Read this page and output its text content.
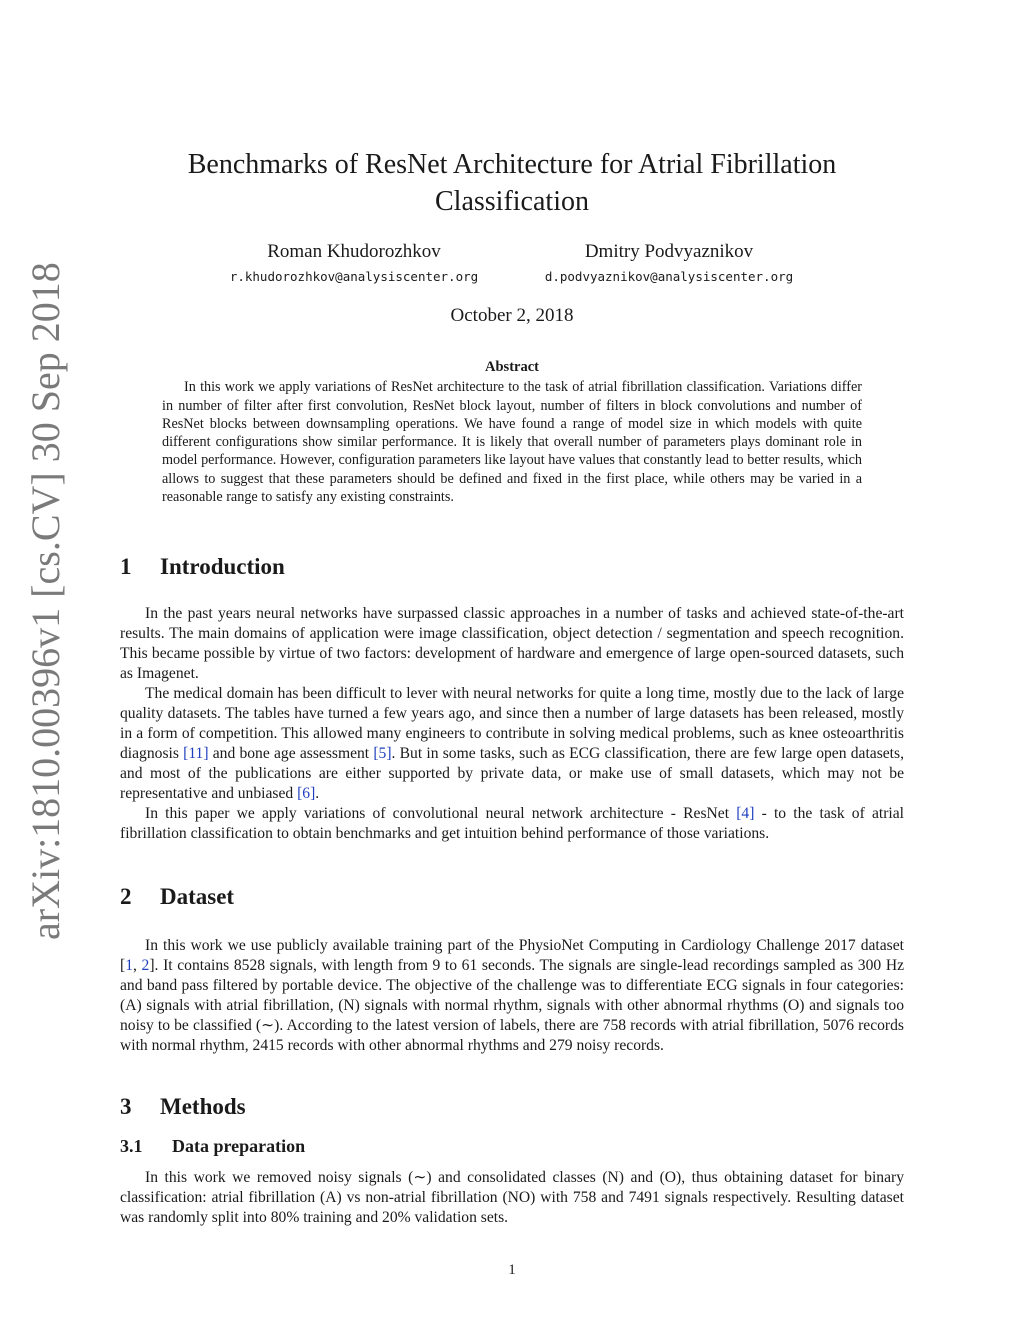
arXiv:1810.00396v1 [cs.CV] 30 Sep 2018
Benchmarks of ResNet Architecture for Atrial Fibrillation
Classification
Roman Khudorozhkov
r.khudorozhkov@analysiscenter.org
Dmitry Podvyaznikov
d.podvyaznikov@analysiscenter.org
October 2, 2018
Abstract

In this work we apply variations of ResNet architecture to the task of atrial fibrillation classification. Variations differ in number of filter after first convolution, ResNet block layout, number of filters in block convolutions and number of ResNet blocks between downsampling operations. We have found a range of model size in which models with quite different configurations show similar performance. It is likely that overall number of parameters plays dominant role in model performance. However, configuration parameters like layout have values that constantly lead to better results, which allows to suggest that these parameters should be defined and fixed in the first place, while others may be varied in a reasonable range to satisfy any existing constraints.

1 Introduction

In the past years neural networks have surpassed classic approaches in a number of tasks and achieved state-of-the-art results. The main domains of application were image classification, object detection / segmentation and speech recognition. This became possible by virtue of two factors: development of hardware and emergence of large open-sourced datasets, such as Imagenet.

The medical domain has been difficult to lever with neural networks for quite a long time, mostly due to the lack of large quality datasets. The tables have turned a few years ago, and since then a number of large datasets has been released, mostly in a form of competition. This allowed many engineers to contribute in solving medical problems, such as knee osteoarthritis diagnosis [11] and bone age assessment [5]. But in some tasks, such as ECG classification, there are few large open datasets, and most of the publications are either supported by private data, or make use of small datasets, which may not be representative and unbiased [6].

In this paper we apply variations of convolutional neural network architecture - ResNet [4] - to the task of atrial fibrillation classification to obtain benchmarks and get intuition behind performance of those variations.

2 Dataset

In this work we use publicly available training part of the PhysioNet Computing in Cardiology Challenge 2017 dataset [1, 2]. It contains 8528 signals, with length from 9 to 61 seconds. The signals are single-lead recordings sampled as 300 Hz and band pass filtered by portable device. The objective of the challenge was to differentiate ECG signals in four categories: (A) signals with atrial fibrillation, (N) signals with normal rhythm, signals with other abnormal rhythms (O) and signals too noisy to be classified (∼). According to the latest version of labels, there are 758 records with atrial fibrillation, 5076 records with normal rhythm, 2415 records with other abnormal rhythms and 279 noisy records.

3 Methods
3.1 Data preparation

In this work we removed noisy signals (∼) and consolidated classes (N) and (O), thus obtaining dataset for binary classification: atrial fibrillation (A) vs non-atrial fibrillation (NO) with 758 and 7491 signals respectively. Resulting dataset was randomly split into 80% training and 20% validation sets.

1
